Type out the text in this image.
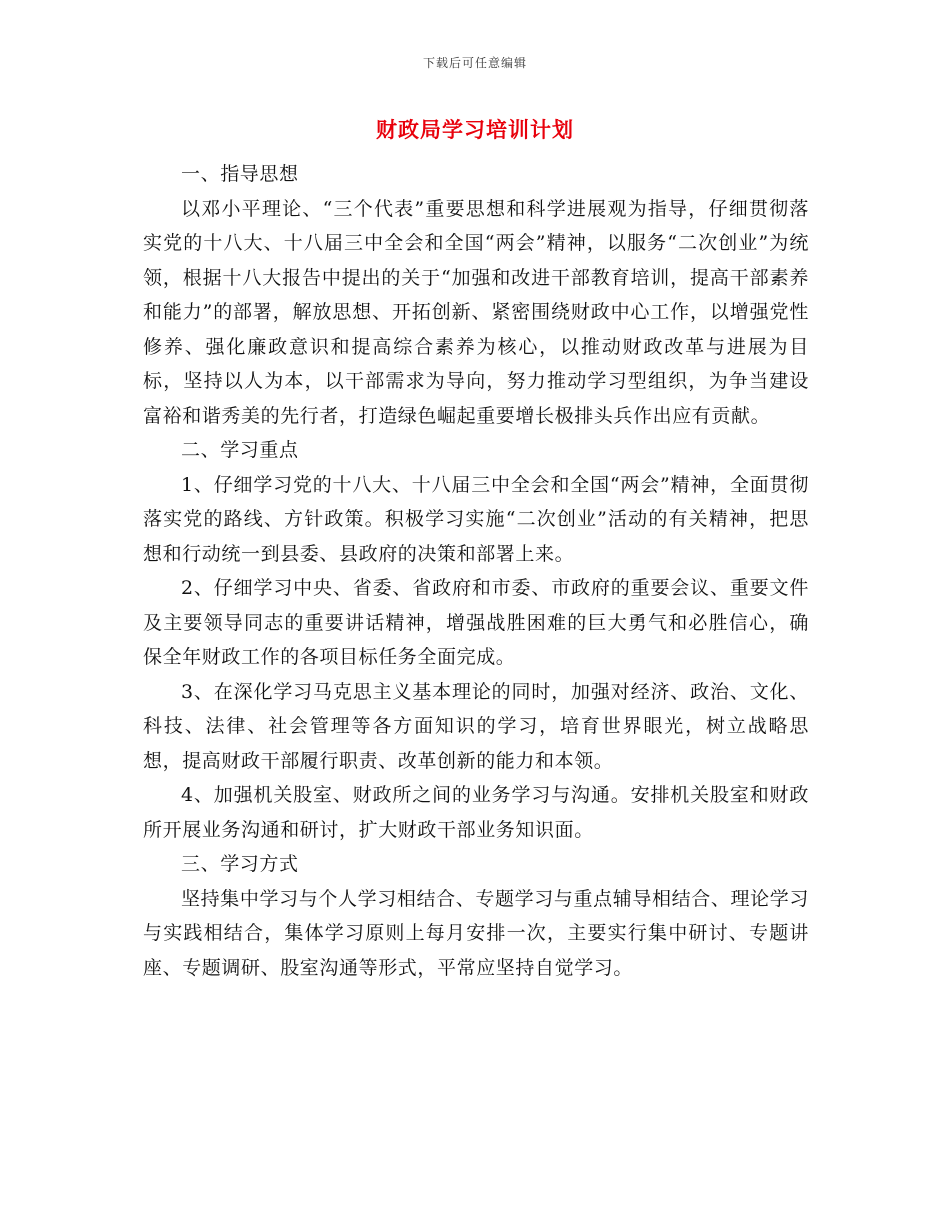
下载后可任意编辑
财政局学习培训计划

一、指导思想

以邓小平理论、“三个代表”重要思想和科学进展观为指导，仔细贯彻落实党的十八大、十八届三中全会和全国“两会”精神，以服务“二次创业”为统领，根据十八大报告中提出的关于“加强和改进干部教育培训，提高干部素养和能力”的部署，解放思想、开拓创新、紧密围绕财政中心工作，以增强党性修养、强化廉政意识和提高综合素养为核心，以推动财政改革与进展为目标，坚持以人为本，以干部需求为导向，努力推动学习型组织，为争当建设富裕和谐秀美的先行者，打造绿色崛起重要增长极排头兵作出应有贡献。

二、学习重点

1、仔细学习党的十八大、十八届三中全会和全国“两会”精神，全面贯彻落实党的路线、方针政策。积极学习实施“二次创业”活动的有关精神，把思想和行动统一到县委、县政府的决策和部署上来。

2、仔细学习中央、省委、省政府和市委、市政府的重要会议、重要文件及主要领导同志的重要讲话精神，增强战胜困难的巨大勇气和必胜信心，确保全年财政工作的各项目标任务全面完成。

3、在深化学习马克思主义基本理论的同时，加强对经济、政治、文化、科技、法律、社会管理等各方面知识的学习，培育世界眼光，树立战略思想，提高财政干部履行职责、改革创新的能力和本领。

4、加强机关股室、财政所之间的业务学习与沟通。安排机关股室和财政所开展业务沟通和研讨，扩大财政干部业务知识面。

三、学习方式

坚持集中学习与个人学习相结合、专题学习与重点辅导相结合、理论学习与实践相结合，集体学习原则上每月安排一次，主要实行集中研讨、专题讲座、专题调研、股室沟通等形式，平常应坚持自觉学习。
